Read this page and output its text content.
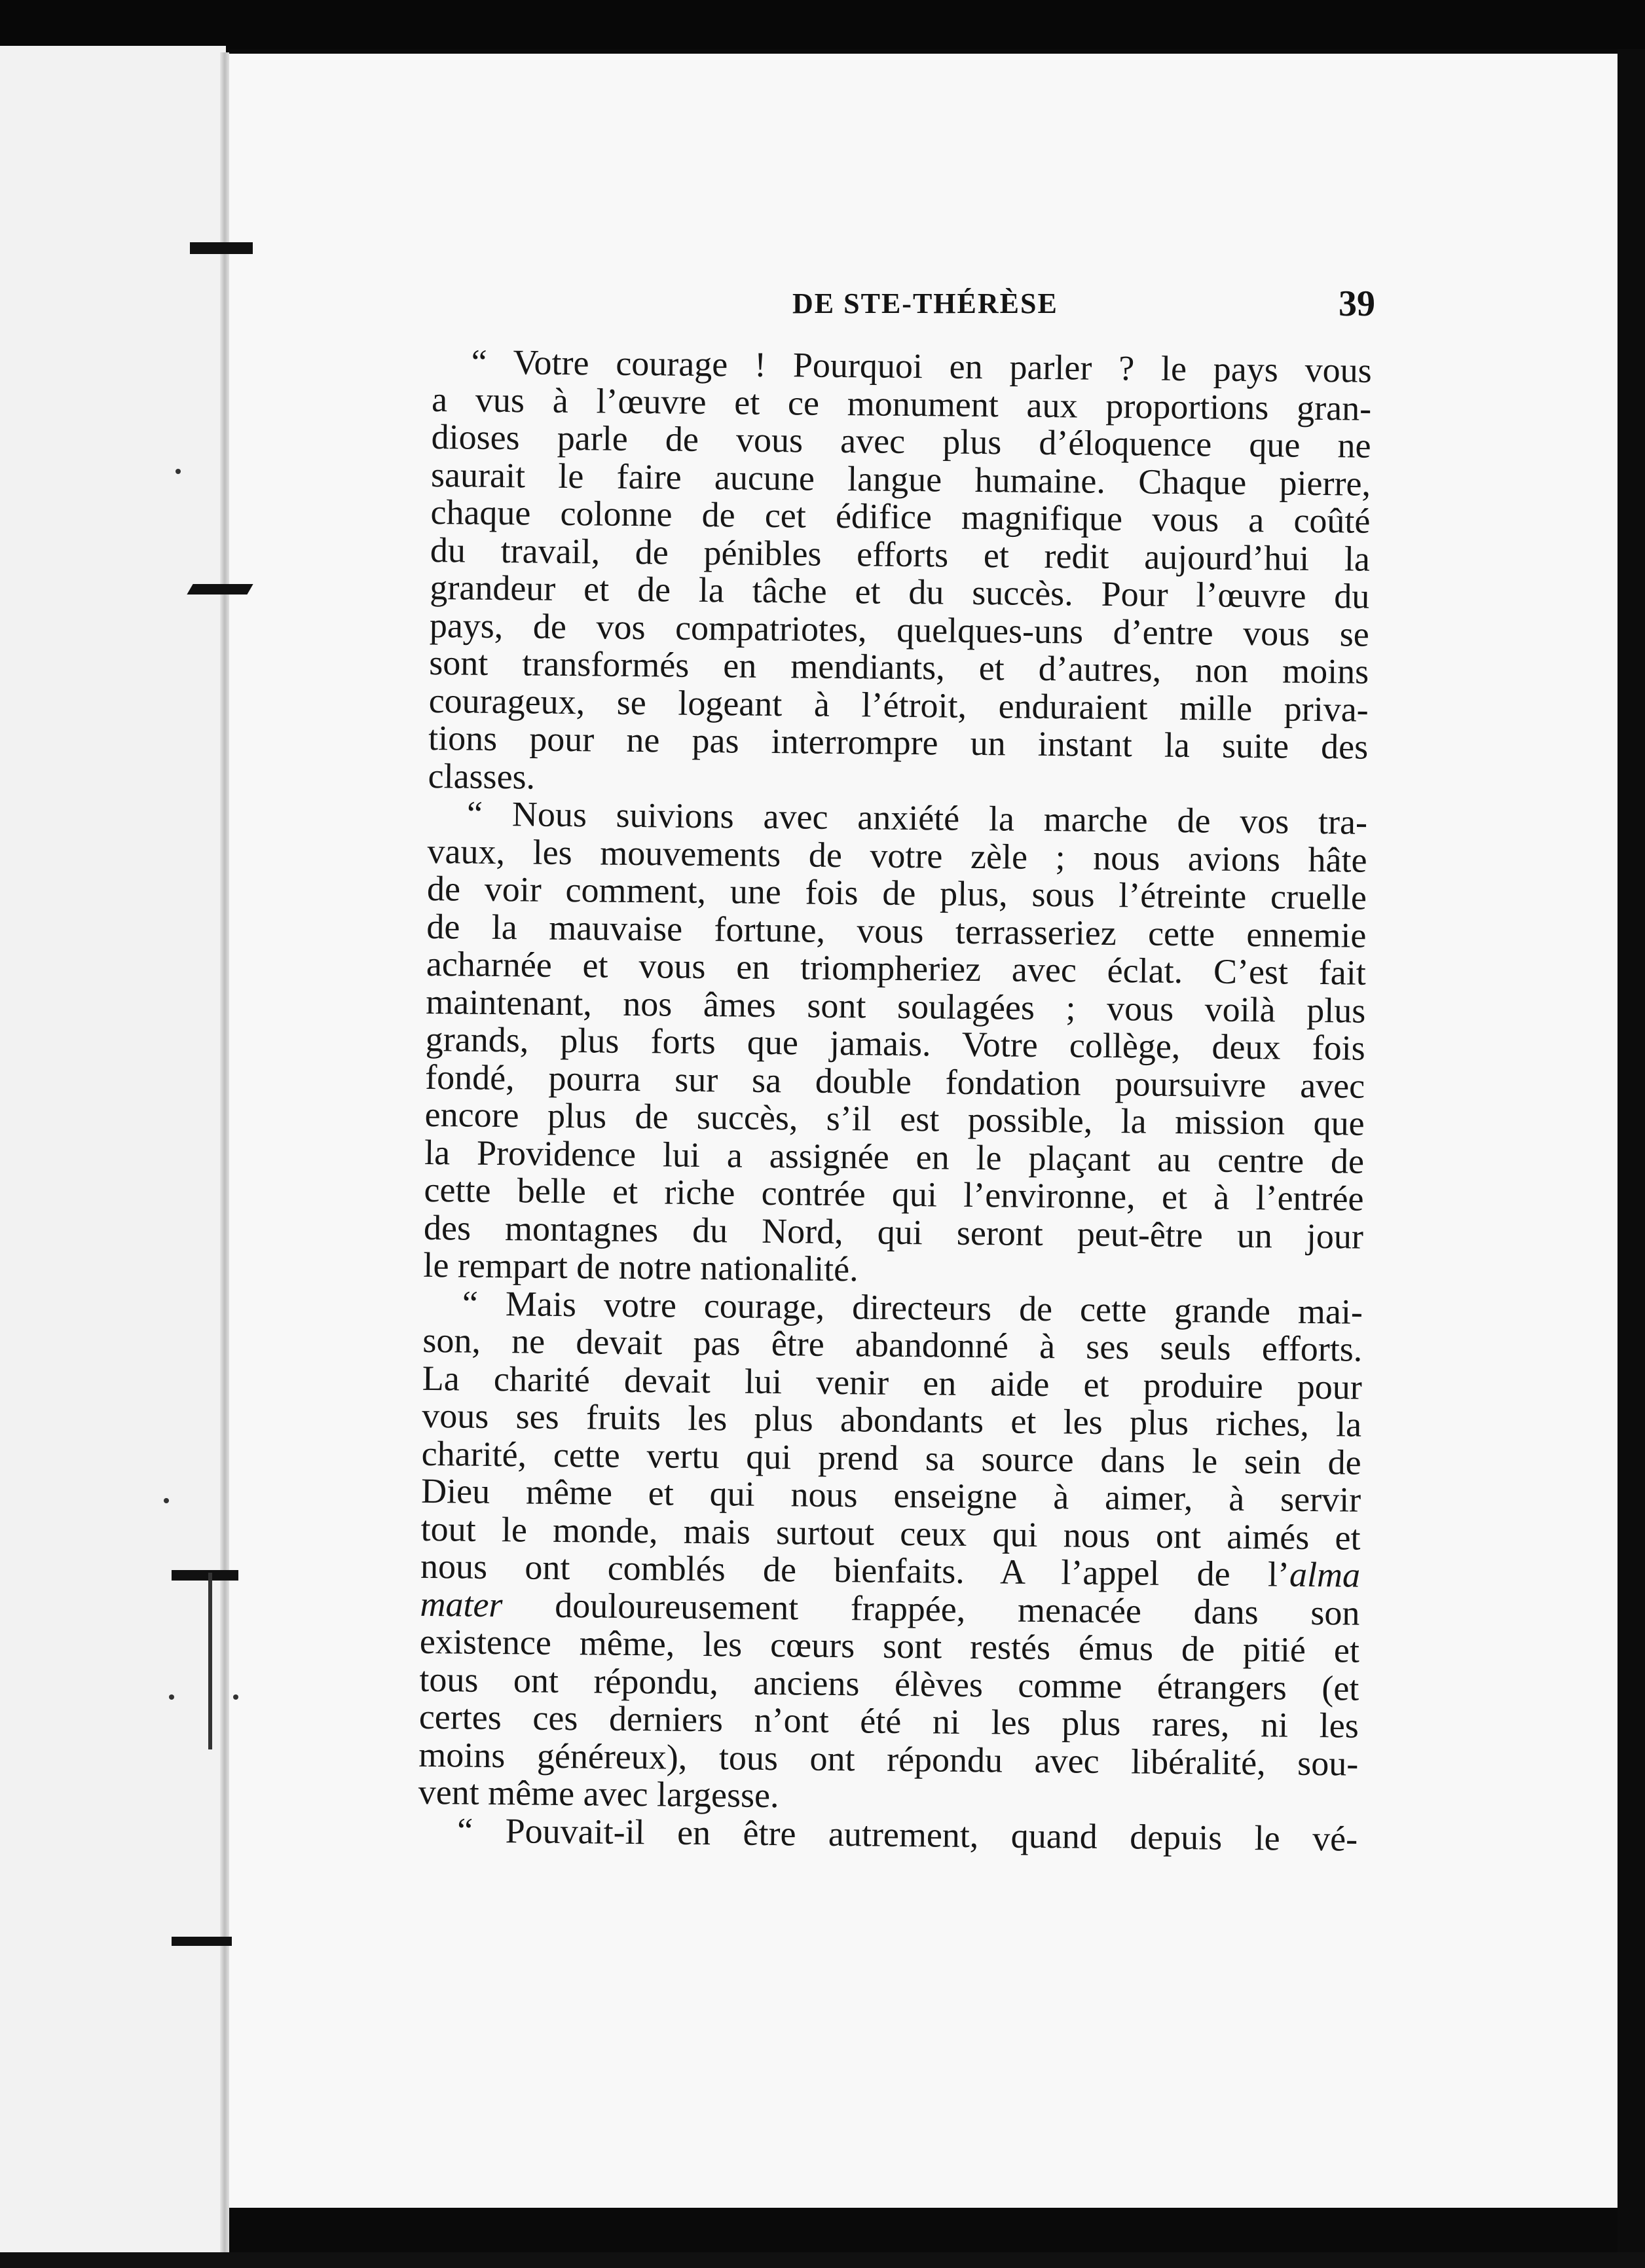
DE STE-THÉRÈSE	39
“ Votre courage ! Pourquoi en parler ? le pays vous
a vus à l’œuvre et ce monument aux proportions gran-
dioses parle de vous avec plus d’éloquence que ne
saurait le faire aucune langue humaine. Chaque pierre,
chaque colonne de cet édifice magnifique vous a coûté
du travail, de pénibles efforts et redit aujourd’hui la
grandeur et de la tâche et du succès. Pour l’œuvre du
pays, de vos compatriotes, quelques-uns d’entre vous se
sont transformés en mendiants, et d’autres, non moins
courageux, se logeant à l’étroit, enduraient mille priva-
tions pour ne pas interrompre un instant la suite des
classes.
“ Nous suivions avec anxiété la marche de vos tra-
vaux, les mouvements de votre zèle ; nous avions hâte
de voir comment, une fois de plus, sous l’étreinte cruelle
de la mauvaise fortune, vous terrasseriez cette ennemie
acharnée et vous en triompheriez avec éclat. C’est fait
maintenant, nos âmes sont soulagées ; vous voilà plus
grands, plus forts que jamais. Votre collège, deux fois
fondé, pourra sur sa double fondation poursuivre avec
encore plus de succès, s’il est possible, la mission que
la Providence lui a assignée en le plaçant au centre de
cette belle et riche contrée qui l’environne, et à l’entrée
des montagnes du Nord, qui seront peut-être un jour
le rempart de notre nationalité.
“ Mais votre courage, directeurs de cette grande mai-
son, ne devait pas être abandonné à ses seuls efforts.
La charité devait lui venir en aide et produire pour
vous ses fruits les plus abondants et les plus riches, la
charité, cette vertu qui prend sa source dans le sein de
Dieu même et qui nous enseigne à aimer, à servir
tout le monde, mais surtout ceux qui nous ont aimés et
nous ont comblés de bienfaits. A l’appel de l’alma
mater douloureusement frappée, menacée dans son
existence même, les cœurs sont restés émus de pitié et
tous ont répondu, anciens élèves comme étrangers (et
certes ces derniers n’ont été ni les plus rares, ni les
moins généreux), tous ont répondu avec libéralité, sou-
vent même avec largesse.
“ Pouvait-il en être autrement, quand depuis le vé-
